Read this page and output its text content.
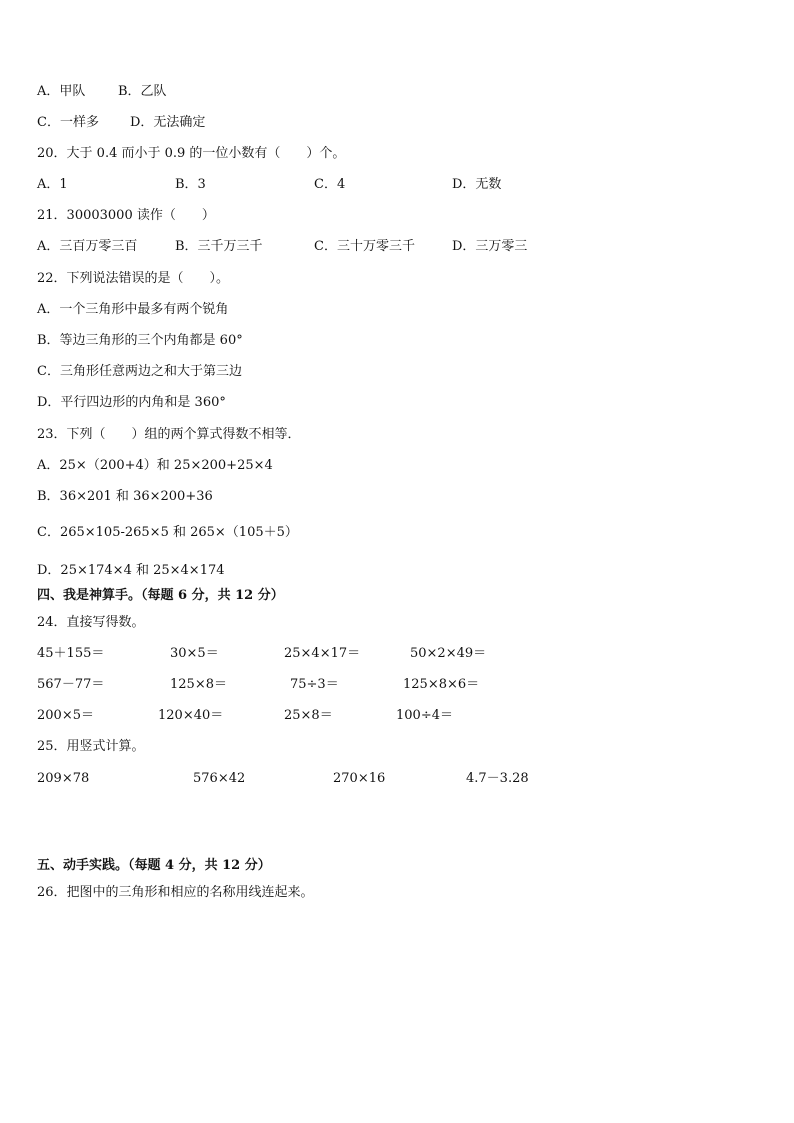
A．甲队	B．乙队
C．一样多 D．无法确定
20．大于 0.4 而小于 0.9 的一位小数有（　　）个。
A．1	B．3	C．4	D．无数
21．30003000 读作（　　）
A．三百万零三百	B．三千万三千	C．三十万零三千	D．三万零三
22．下列说法错误的是（　　）。
A．一个三角形中最多有两个锐角
B．等边三角形的三个内角都是 60°
C．三角形任意两边之和大于第三边
D．平行四边形的内角和是 360°
23．下列（　　）组的两个算式得数不相等．
A．25×（200+4）和 25×200+25×4
B．36×201 和 36×200+36
C．265×105-265×5 和 265×（105＋5）
D．25×174×4 和 25×4×174
四、我是神算手。（每题 6 分，共 12 分）
24．直接写得数。
45＋155＝	30×5＝	25×4×17＝	50×2×49＝
567－77＝	125×8＝	75÷3＝	125×8×6＝
200×5＝	120×40＝	25×8＝	100÷4＝
25．用竖式计算。
209×78	576×42	270×16	4.7－3.28
五、动手实践。（每题 4 分，共 12 分）
26．把图中的三角形和相应的名称用线连起来。
